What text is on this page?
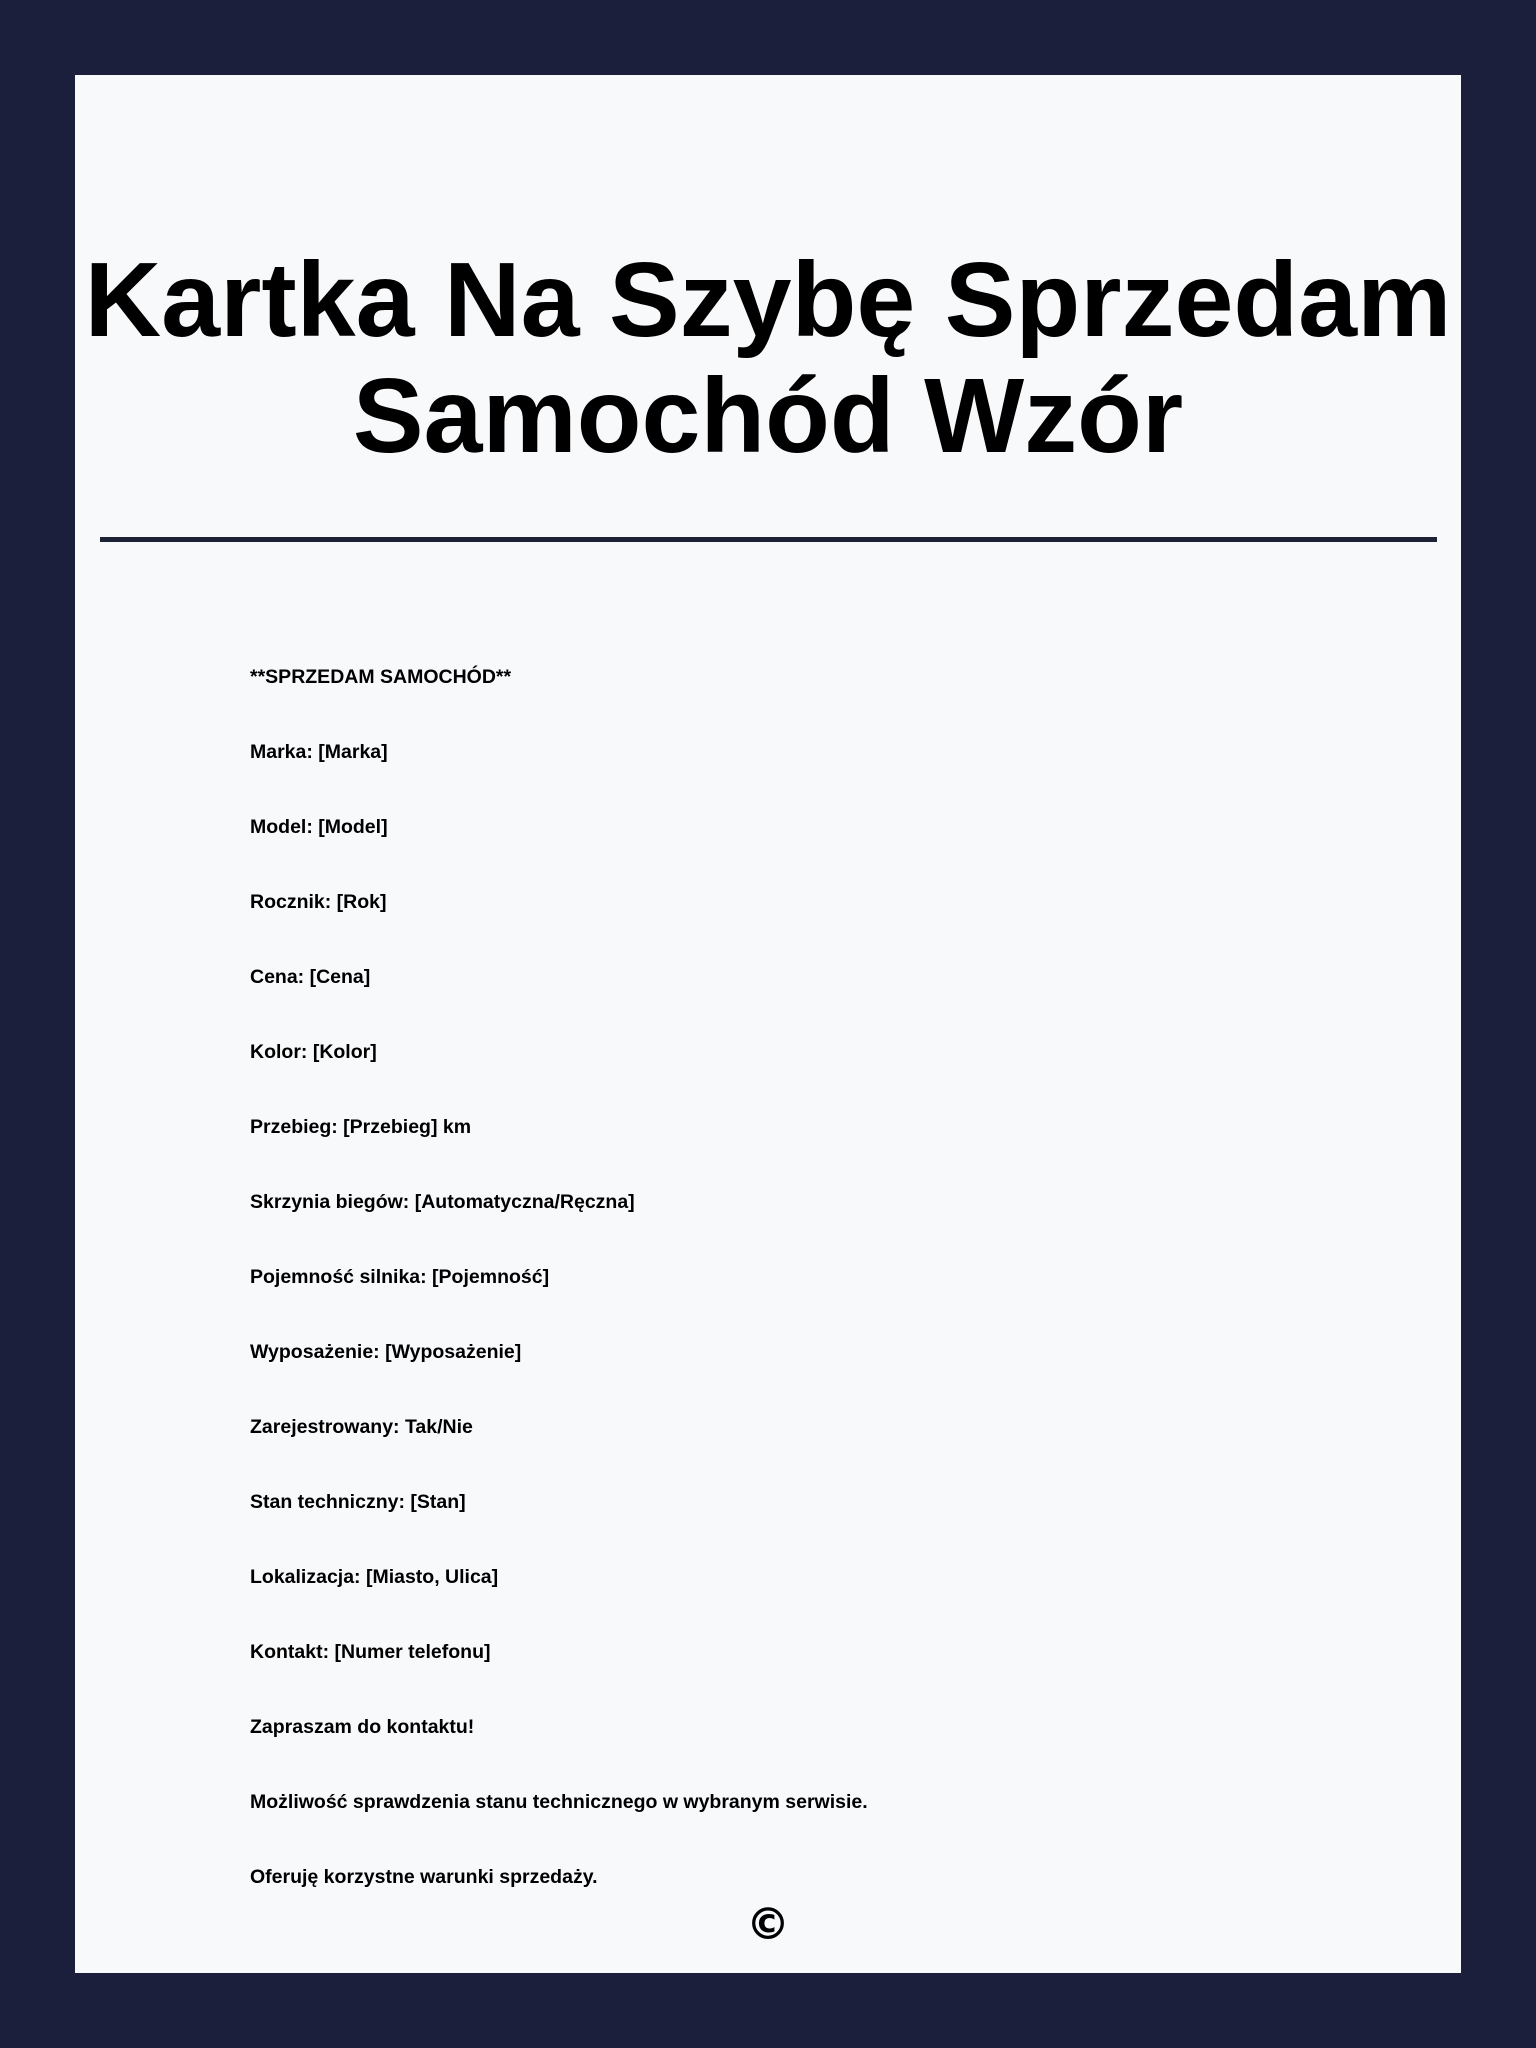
Kartka Na Szybę Sprzedam Samochód Wzór
**SPRZEDAM SAMOCHÓD**
Marka: [Marka]
Model: [Model]
Rocznik: [Rok]
Cena: [Cena]
Kolor: [Kolor]
Przebieg: [Przebieg] km
Skrzynia biegów: [Automatyczna/Ręczna]
Pojemność silnika: [Pojemność]
Wyposażenie: [Wyposażenie]
Zarejestrowany: Tak/Nie
Stan techniczny: [Stan]
Lokalizacja: [Miasto, Ulica]
Kontakt: [Numer telefonu]
Zapraszam do kontaktu!
Możliwość sprawdzenia stanu technicznego w wybranym serwisie.
Oferuję korzystne warunki sprzedaży.
©
